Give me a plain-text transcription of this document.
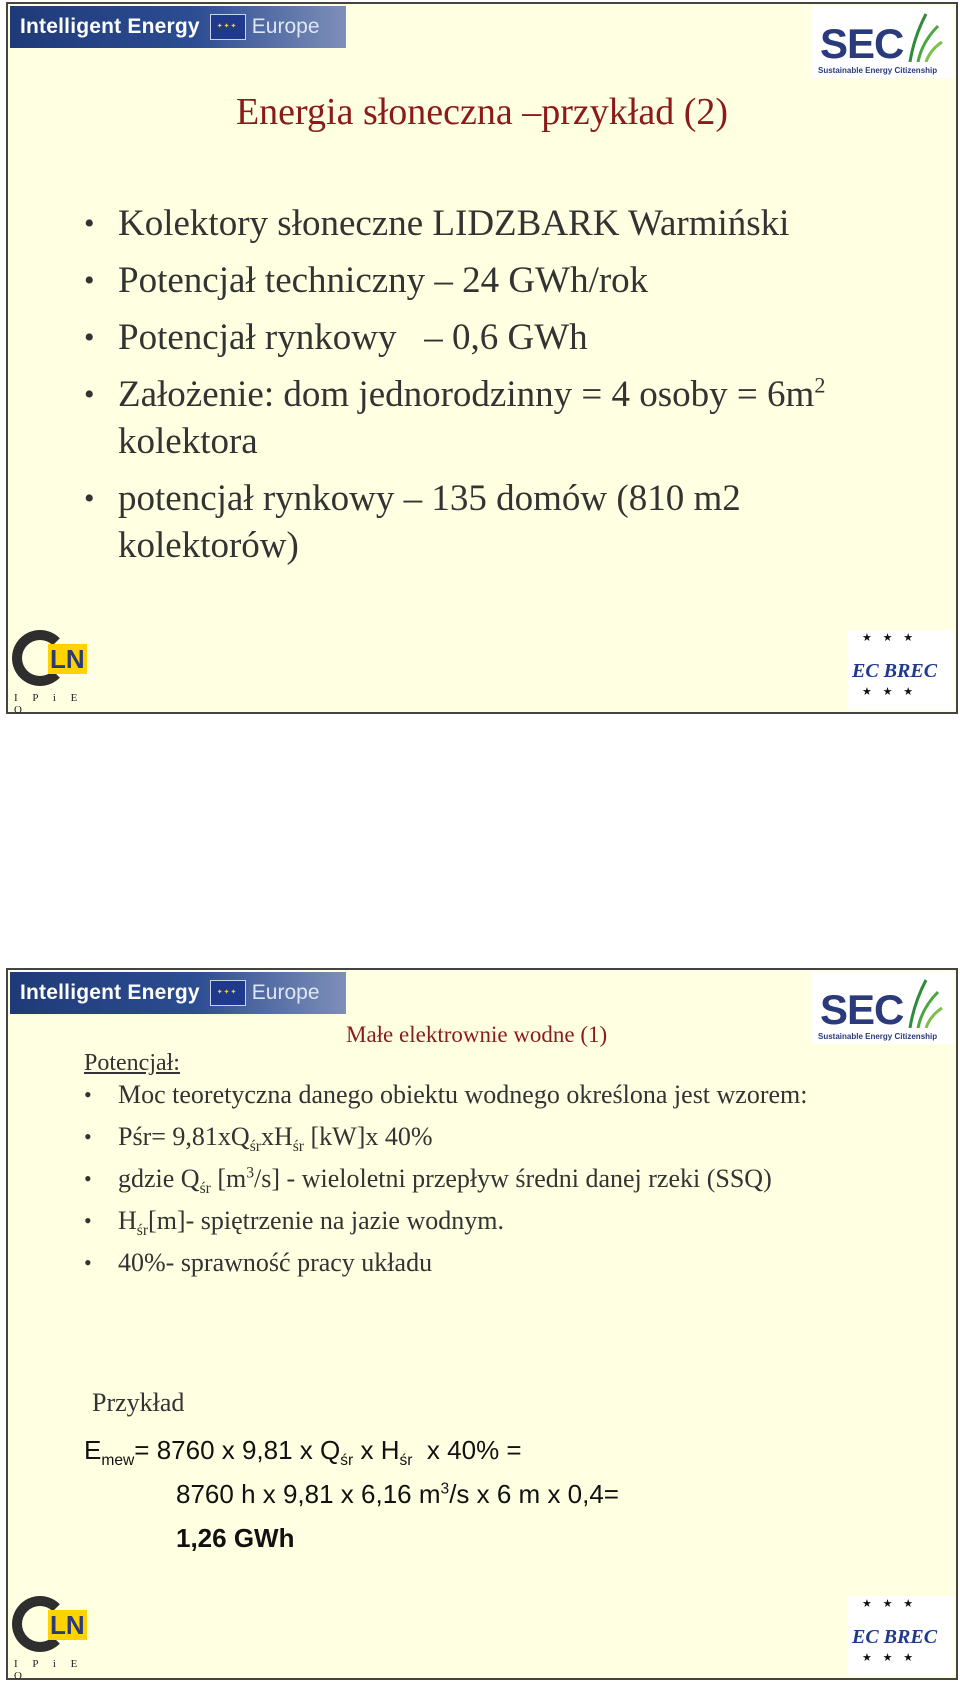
Intelligent Energy ✦✦✦ Europe	SEC
Sustainable Energy Citizenship
Energia słoneczna –przykład (2)
• Kolektory słoneczne LIDZBARK Warmiński
• Potencjał techniczny – 24 GWh/rok
• Potencjał rynkowy   – 0,6 GWh
• Założenie: dom jednorodzinny = 4 osoby = $6m^2$ kolektora
• potencjał rynkowy – 135 domów (810 m2 kolektorów)
LN
I P i E O
★ ★ ★
EC BREC
★ ★ ★
Intelligent Energy ✦✦✦ Europe	SEC
Sustainable Energy Citizenship
Małe elektrownie wodne (1)
Potencjał:
• Moc teoretyczna danego obiektu wodnego określona jest wzorem:
• Pśr= $9,81xQ_{śr}xH_{śr}$ [kW]x 40%
• gdzie $Q_{śr}$ $[m^3/s]$ - wieloletni przepływ średni danej rzeki (SSQ)
• $H_{śr}[m]-$ spiętrzenie na jazie wodnym.
• 40%- sprawność pracy układu
Przykład
$E_{mew}= 8760$ x 9,81 x $Q_{śr}$ x $H_{śr}$  x 40% =
8760 h x 9,81 x 6,16 $m^3/s$ x 6 m x 0,4=
1,26 GWh
LN
I P i E O
★ ★ ★
EC BREC
★ ★ ★
